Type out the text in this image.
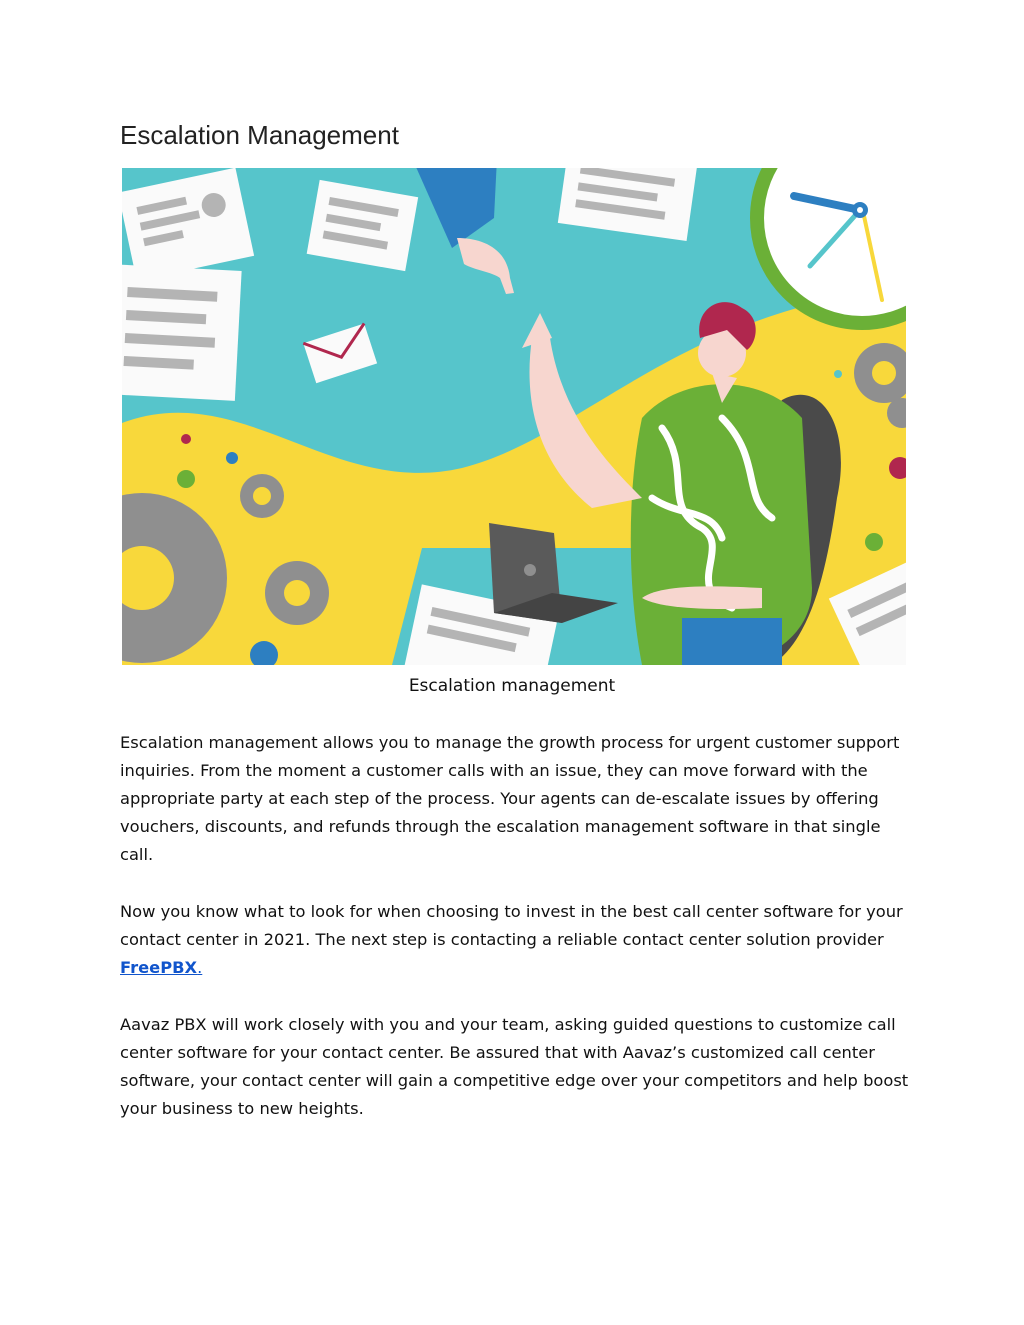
Escalation Management
Escalation management

Escalation management allows you to manage the growth process for urgent customer support inquiries. From the moment a customer calls with an issue, they can move forward with the appropriate party at each step of the process. Your agents can de-escalate issues by offering vouchers, discounts, and refunds through the escalation management software in that single call.

Now you know what to look for when choosing to invest in the best call center software for your contact center in 2021. The next step is contacting a reliable contact center solution provider FreePBX.

Aavaz PBX will work closely with you and your team, asking guided questions to customize call center software for your contact center. Be assured that with Aavaz’s customized call center software, your contact center will gain a competitive edge over your competitors and help boost your business to new heights.
